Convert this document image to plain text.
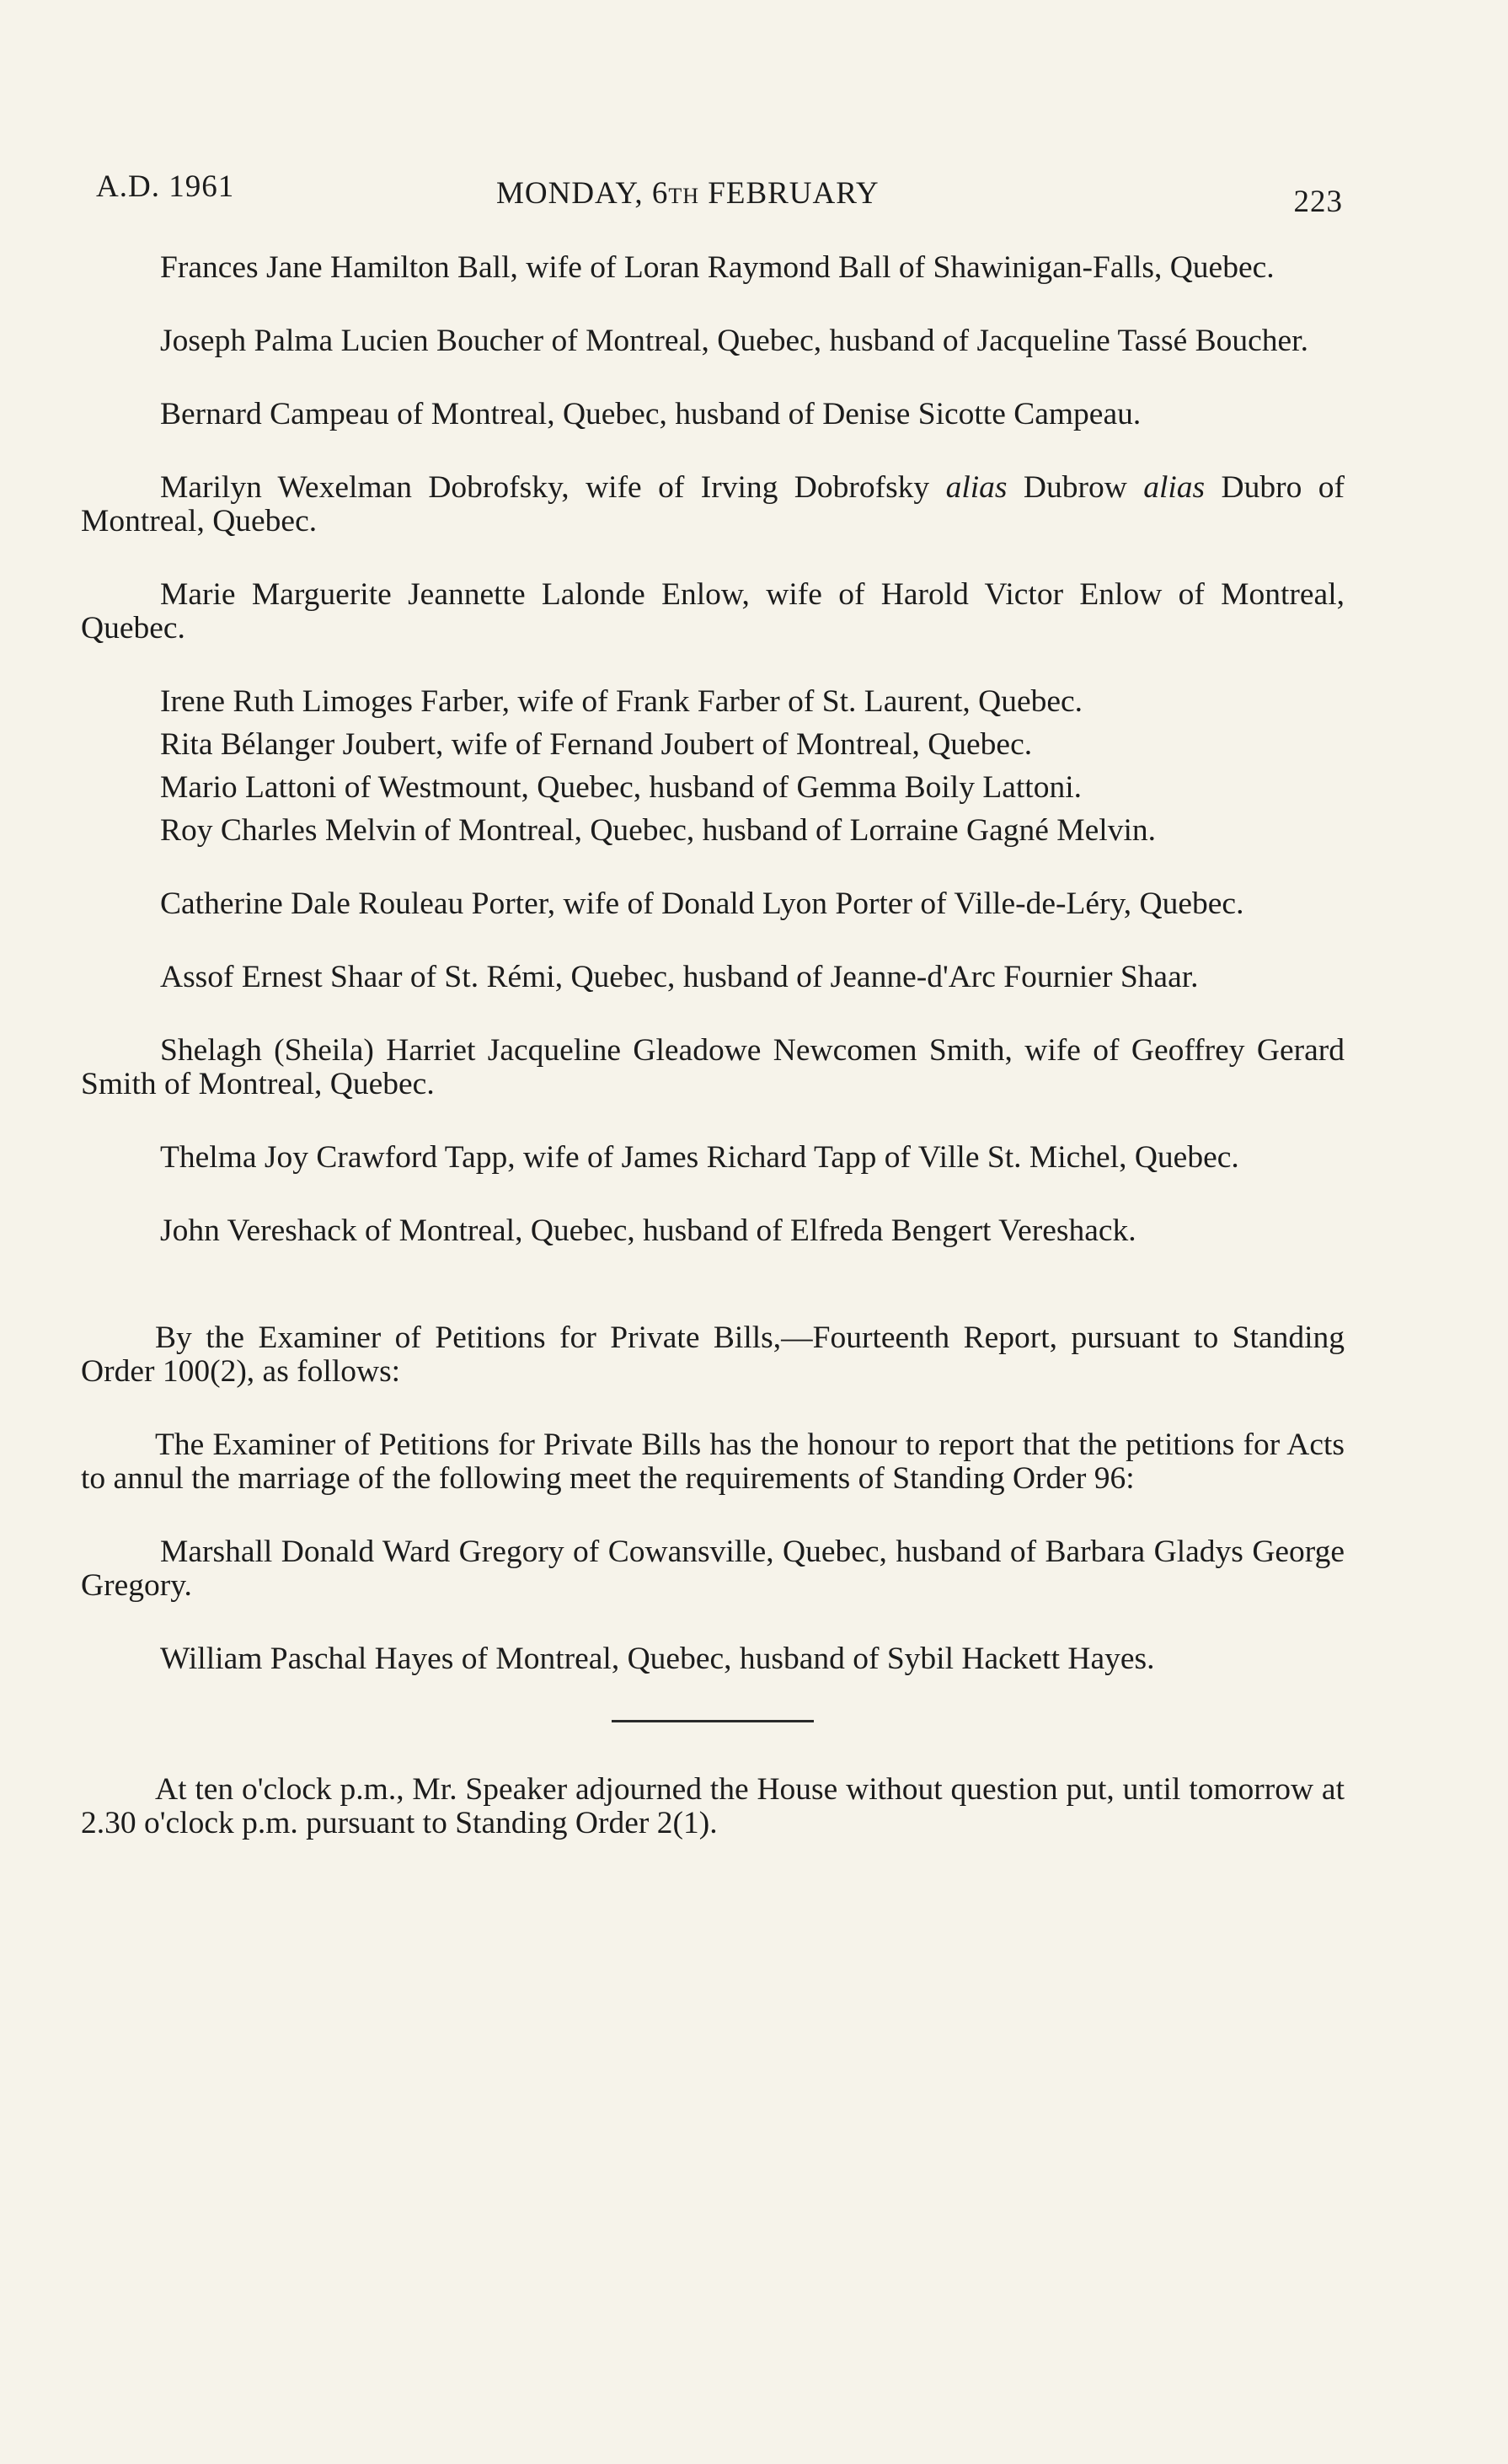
A.D. 1961	MONDAY, 6th FEBRUARY	223

Frances Jane Hamilton Ball, wife of Loran Raymond Ball of Shawinigan-Falls, Quebec.

Joseph Palma Lucien Boucher of Montreal, Quebec, husband of Jacqueline Tassé Boucher.

Bernard Campeau of Montreal, Quebec, husband of Denise Sicotte Campeau.

Marilyn Wexelman Dobrofsky, wife of Irving Dobrofsky alias Dubrow alias Dubro of Montreal, Quebec.

Marie Marguerite Jeannette Lalonde Enlow, wife of Harold Victor Enlow of Montreal, Quebec.

Irene Ruth Limoges Farber, wife of Frank Farber of St. Laurent, Quebec.

Rita Bélanger Joubert, wife of Fernand Joubert of Montreal, Quebec.

Mario Lattoni of Westmount, Quebec, husband of Gemma Boily Lattoni.

Roy Charles Melvin of Montreal, Quebec, husband of Lorraine Gagné Melvin.

Catherine Dale Rouleau Porter, wife of Donald Lyon Porter of Ville-de-Léry, Quebec.

Assof Ernest Shaar of St. Rémi, Quebec, husband of Jeanne-d'Arc Fournier Shaar.

Shelagh (Sheila) Harriet Jacqueline Gleadowe Newcomen Smith, wife of Geoffrey Gerard Smith of Montreal, Quebec.

Thelma Joy Crawford Tapp, wife of James Richard Tapp of Ville St. Michel, Quebec.

John Vereshack of Montreal, Quebec, husband of Elfreda Bengert Vereshack.

By the Examiner of Petitions for Private Bills,—Fourteenth Report, pursuant to Standing Order 100(2), as follows:

The Examiner of Petitions for Private Bills has the honour to report that the petitions for Acts to annul the marriage of the following meet the requirements of Standing Order 96:

Marshall Donald Ward Gregory of Cowansville, Quebec, husband of Barbara Gladys George Gregory.

William Paschal Hayes of Montreal, Quebec, husband of Sybil Hackett Hayes.

At ten o'clock p.m., Mr. Speaker adjourned the House without question put, until tomorrow at 2.30 o'clock p.m. pursuant to Standing Order 2(1).
